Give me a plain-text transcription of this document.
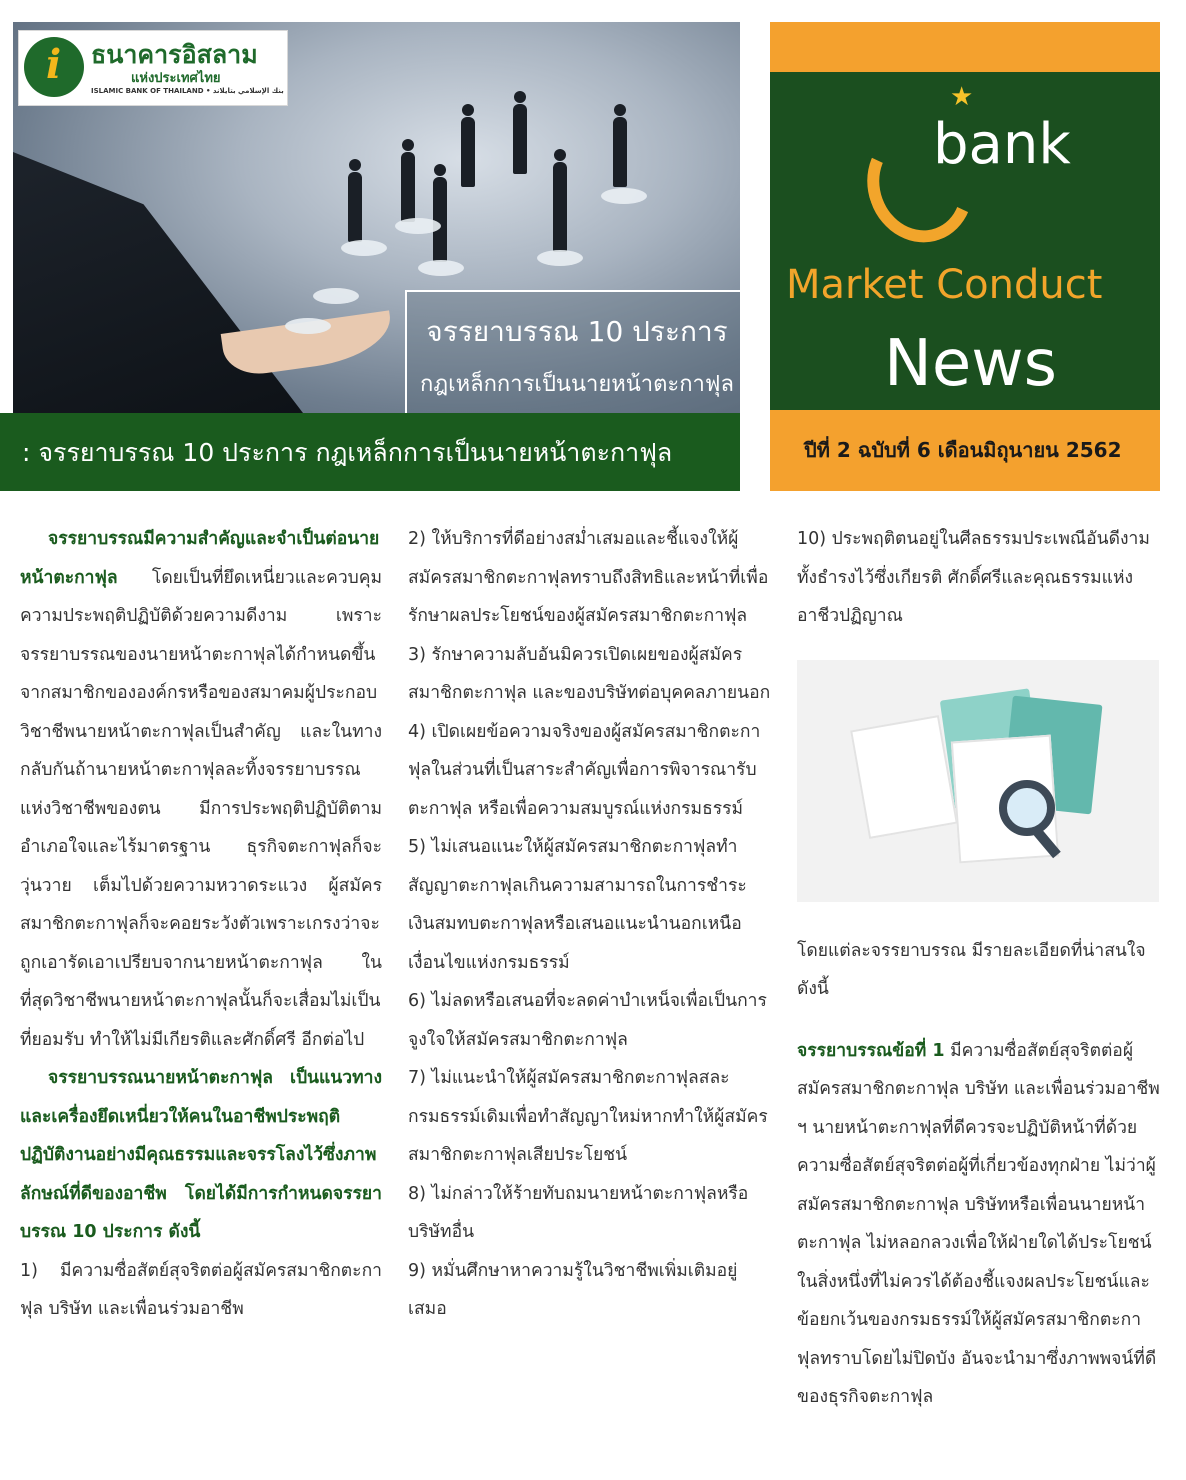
จรรยาบรรณ 10 ประการ
กฎเหล็กการเป็นนายหน้าตะกาฟุล
i
ธนาคารอิสลาม
แห่งประเทศไทย
ISLAMIC BANK OF THAILAND • بنك الإسلامي بتايلاند
: จรรยาบรรณ 10 ประการ กฎเหล็กการเป็นนายหน้าตะกาฟุล
★
bank
Market Conduct
News
ปีที่ 2 ฉบับที่ 6 เดือนมิถุนายน 2562

จรรยาบรรณมีความสำคัญและจำเป็นต่อนายหน้าตะกาฟุล โดยเป็นที่ยึดเหนี่ยวและควบคุมความประพฤติปฏิบัติด้วยความดีงาม เพราะจรรยาบรรณของนายหน้าตะกาฟุลได้กำหนดขึ้นจากสมาชิกขององค์กรหรือของสมาคมผู้ประกอบวิชาชีพนายหน้าตะกาฟุลเป็นสำคัญ และในทางกลับกันถ้านายหน้าตะกาฟุลละทิ้งจรรยาบรรณแห่งวิชาชีพของตน มีการประพฤติปฏิบัติตามอำเภอใจและไร้มาตรฐาน ธุรกิจตะกาฟุลก็จะวุ่นวาย เต็มไปด้วยความหวาดระแวง ผู้สมัครสมาชิกตะกาฟุลก็จะคอยระวังตัวเพราะเกรงว่าจะถูกเอารัดเอาเปรียบจากนายหน้าตะกาฟุล ในที่สุดวิชาชีพนายหน้าตะกาฟุลนั้นก็จะเสื่อมไม่เป็นที่ยอมรับ ทำให้ไม่มีเกียรติและศักดิ์ศรี อีกต่อไป

จรรยาบรรณนายหน้าตะกาฟุล เป็นแนวทางและเครื่องยึดเหนี่ยวให้คนในอาชีพประพฤติปฏิบัติงานอย่างมีคุณธรรมและจรรโลงไว้ซึ่งภาพลักษณ์ที่ดีของอาชีพ โดยได้มีการกำหนดจรรยาบรรณ 10 ประการ ดังนี้

1) มีความซื่อสัตย์สุจริตต่อผู้สมัครสมาชิกตะกาฟุล บริษัท และเพื่อนร่วมอาชีพ

2) ให้บริการที่ดีอย่างสม่ำเสมอและชี้แจงให้ผู้สมัครสมาชิกตะกาฟุลทราบถึงสิทธิและหน้าที่เพื่อรักษาผลประโยชน์ของผู้สมัครสมาชิกตะกาฟุล

3) รักษาความลับอันมิควรเปิดเผยของผู้สมัครสมาชิกตะกาฟุล และของบริษัทต่อบุคคลภายนอก

4) เปิดเผยข้อความจริงของผู้สมัครสมาชิกตะกาฟุลในส่วนที่เป็นสาระสำคัญเพื่อการพิจารณารับตะกาฟุล หรือเพื่อความสมบูรณ์แห่งกรมธรรม์

5) ไม่เสนอแนะให้ผู้สมัครสมาชิกตะกาฟุลทำสัญญาตะกาฟุลเกินความสามารถในการชำระเงินสมทบตะกาฟุลหรือเสนอแนะนำนอกเหนือเงื่อนไขแห่งกรมธรรม์

6) ไม่ลดหรือเสนอที่จะลดค่าบำเหน็จเพื่อเป็นการจูงใจให้สมัครสมาชิกตะกาฟุล

7) ไม่แนะนำให้ผู้สมัครสมาชิกตะกาฟุลสละกรมธรรม์เดิมเพื่อทำสัญญาใหม่หากทำให้ผู้สมัครสมาชิกตะกาฟุลเสียประโยชน์

8) ไม่กล่าวให้ร้ายทับถมนายหน้าตะกาฟุลหรือบริษัทอื่น

9) หมั่นศึกษาหาความรู้ในวิชาชีพเพิ่มเติมอยู่เสมอ

10) ประพฤติตนอยู่ในศีลธรรมประเพณีอันดีงาม ทั้งธำรงไว้ซึ่งเกียรติ ศักดิ์ศรีและคุณธรรมแห่งอาชีวปฏิญาณ

โดยแต่ละจรรยาบรรณ มีรายละเอียดที่น่าสนใจดังนี้

จรรยาบรรณข้อที่ 1 มีความซื่อสัตย์สุจริตต่อผู้สมัครสมาชิกตะกาฟุล บริษัท และเพื่อนร่วมอาชีพ ฯ นายหน้าตะกาฟุลที่ดีควรจะปฏิบัติหน้าที่ด้วยความซื่อสัตย์สุจริตต่อผู้ที่เกี่ยวข้องทุกฝ่าย ไม่ว่าผู้สมัครสมาชิกตะกาฟุล บริษัทหรือเพื่อนนายหน้าตะกาฟุล ไม่หลอกลวงเพื่อให้ฝ่ายใดได้ประโยชน์ในสิ่งหนึ่งที่ไม่ควรได้ต้องชี้แจงผลประโยชน์และข้อยกเว้นของกรมธรรม์ให้ผู้สมัครสมาชิกตะกาฟุลทราบโดยไม่ปิดบัง อันจะนำมาซึ่งภาพพจน์ที่ดีของธุรกิจตะกาฟุล
